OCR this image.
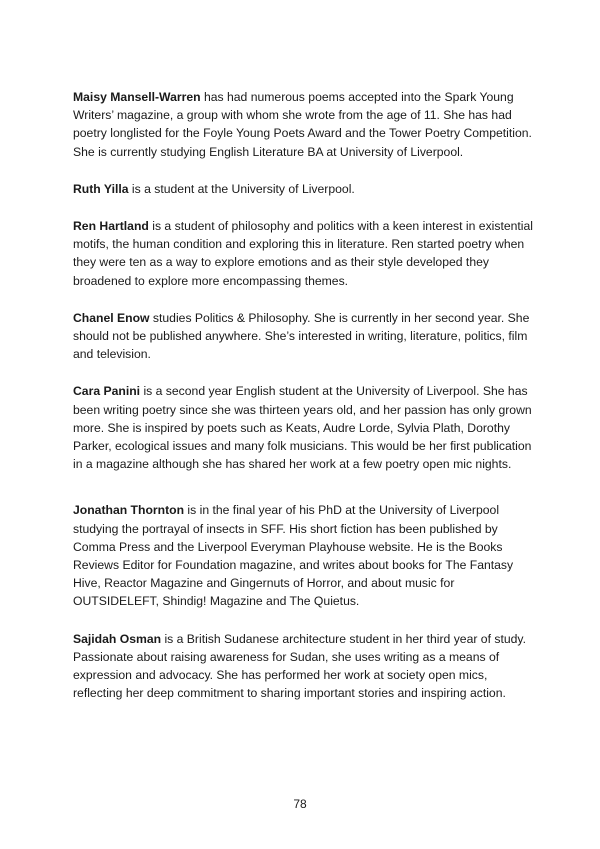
Maisy Mansell-Warren has had numerous poems accepted into the Spark Young Writers’ magazine, a group with whom she wrote from the age of 11. She has had poetry longlisted for the Foyle Young Poets Award and the Tower Poetry Competition. She is currently studying English Literature BA at University of Liverpool.

Ruth Yilla is a student at the University of Liverpool.

Ren Hartland is a student of philosophy and politics with a keen interest in existential motifs, the human condition and exploring this in literature. Ren started poetry when they were ten as a way to explore emotions and as their style developed they broadened to explore more encompassing themes.

Chanel Enow studies Politics & Philosophy. She is currently in her second year. She should not be published anywhere. She’s interested in writing, literature, politics, film and television.

Cara Panini is a second year English student at the University of Liverpool. She has been writing poetry since she was thirteen years old, and her passion has only grown more. She is inspired by poets such as Keats, Audre Lorde, Sylvia Plath, Dorothy Parker, ecological issues and many folk musicians. This would be her first publication in a magazine although she has shared her work at a few poetry open mic nights.

Jonathan Thornton is in the final year of his PhD at the University of Liverpool studying the portrayal of insects in SFF. His short fiction has been published by Comma Press and the Liverpool Everyman Playhouse website. He is the Books Reviews Editor for Foundation magazine, and writes about books for The Fantasy Hive, Reactor Magazine and Gingernuts of Horror, and about music for OUTSIDELEFT, Shindig! Magazine and The Quietus.

Sajidah Osman is a British Sudanese architecture student in her third year of study. Passionate about raising awareness for Sudan, she uses writing as a means of expression and advocacy. She has performed her work at society open mics, reflecting her deep commitment to sharing important stories and inspiring action.

78
